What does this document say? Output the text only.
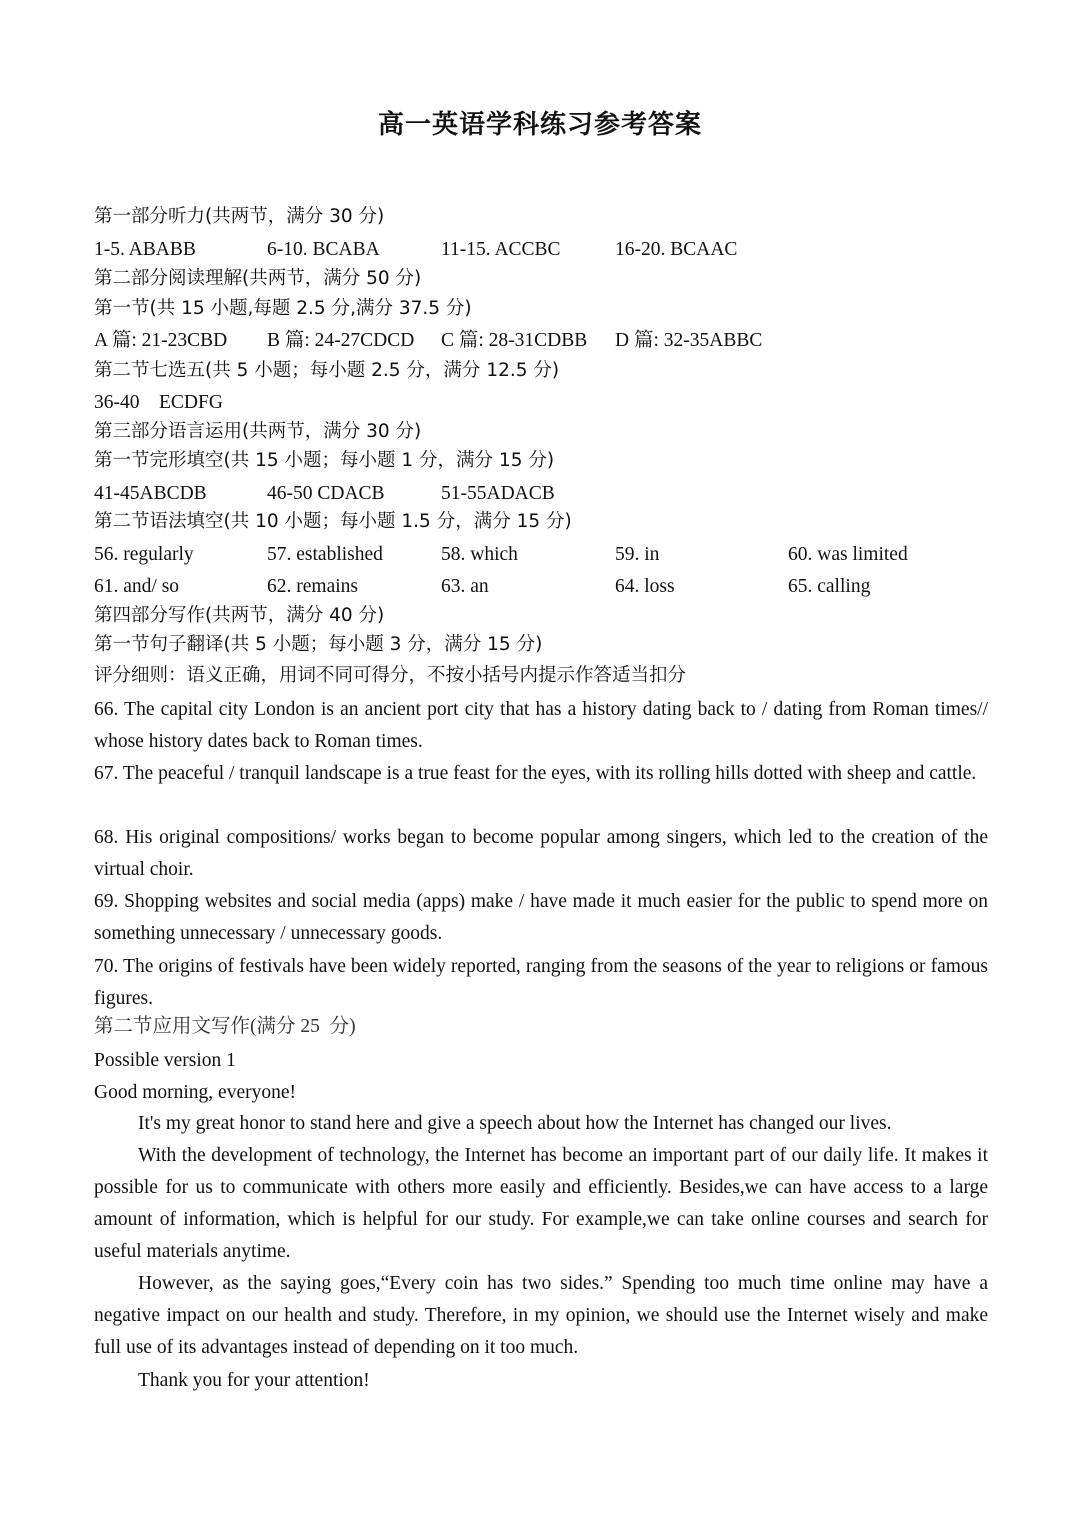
高一英语学科练习参考答案
第一部分听力(共两节，满分 30 分)
1-5. ABABB	6-10. BCABA	11-15. ACCBC	16-20. BCAAC
第二部分阅读理解(共两节，满分 50 分)
第一节(共 15 小题,每题 2.5 分,满分 37.5 分)
A 篇: 21-23CBD B 篇: 24-27CDCD C 篇: 28-31CDBB D 篇: 32-35ABBC
第二节七选五(共 5 小题；每小题 2.5 分，满分 12.5 分)
36-40    ECDFG
第三部分语言运用(共两节，满分 30 分)
第一节完形填空(共 15 小题；每小题 1 分，满分 15 分)
41-45ABCDB	46-50 CDACB	51-55ADACB
第二节语法填空(共 10 小题；每小题 1.5 分，满分 15 分)
56. regularly	57. established	58. which	59. in	60. was limited
61. and/ so	62. remains	63. an	64. loss	65. calling
第四部分写作(共两节，满分 40 分)
第一节句子翻译(共 5 小题；每小题 3 分，满分 15 分)
评分细则：语义正确，用词不同可得分，不按小括号内提示作答适当扣分
66. The capital city London is an ancient port city that has a history dating back to / dating from Roman times// whose history dates back to Roman times.
67. The peaceful / tranquil landscape is a true feast for the eyes, with its rolling hills dotted with sheep and cattle.
68. His original compositions/ works began to become popular among singers, which led to the creation of the virtual choir.
69. Shopping websites and social media (apps) make / have made it much easier for the public to spend more on something unnecessary / unnecessary goods.
70. The origins of festivals have been widely reported, ranging from the seasons of the year to religions or famous figures.
第二节应用文写作(满分 25  分)
Possible version 1
Good morning, everyone!
It's my great honor to stand here and give a speech about how the Internet has changed our lives.
With the development of technology, the Internet has become an important part of our daily life. It makes it possible for us to communicate with others more easily and efficiently. Besides,we can have access to a large amount of information, which is helpful for our study. For example,we can take online courses and search for useful materials anytime.
However, as the saying goes,“Every coin has two sides.” Spending too much time online may have a negative impact on our health and study. Therefore, in my opinion, we should use the Internet wisely and make full use of its advantages instead of depending on it too much.
Thank you for your attention!
